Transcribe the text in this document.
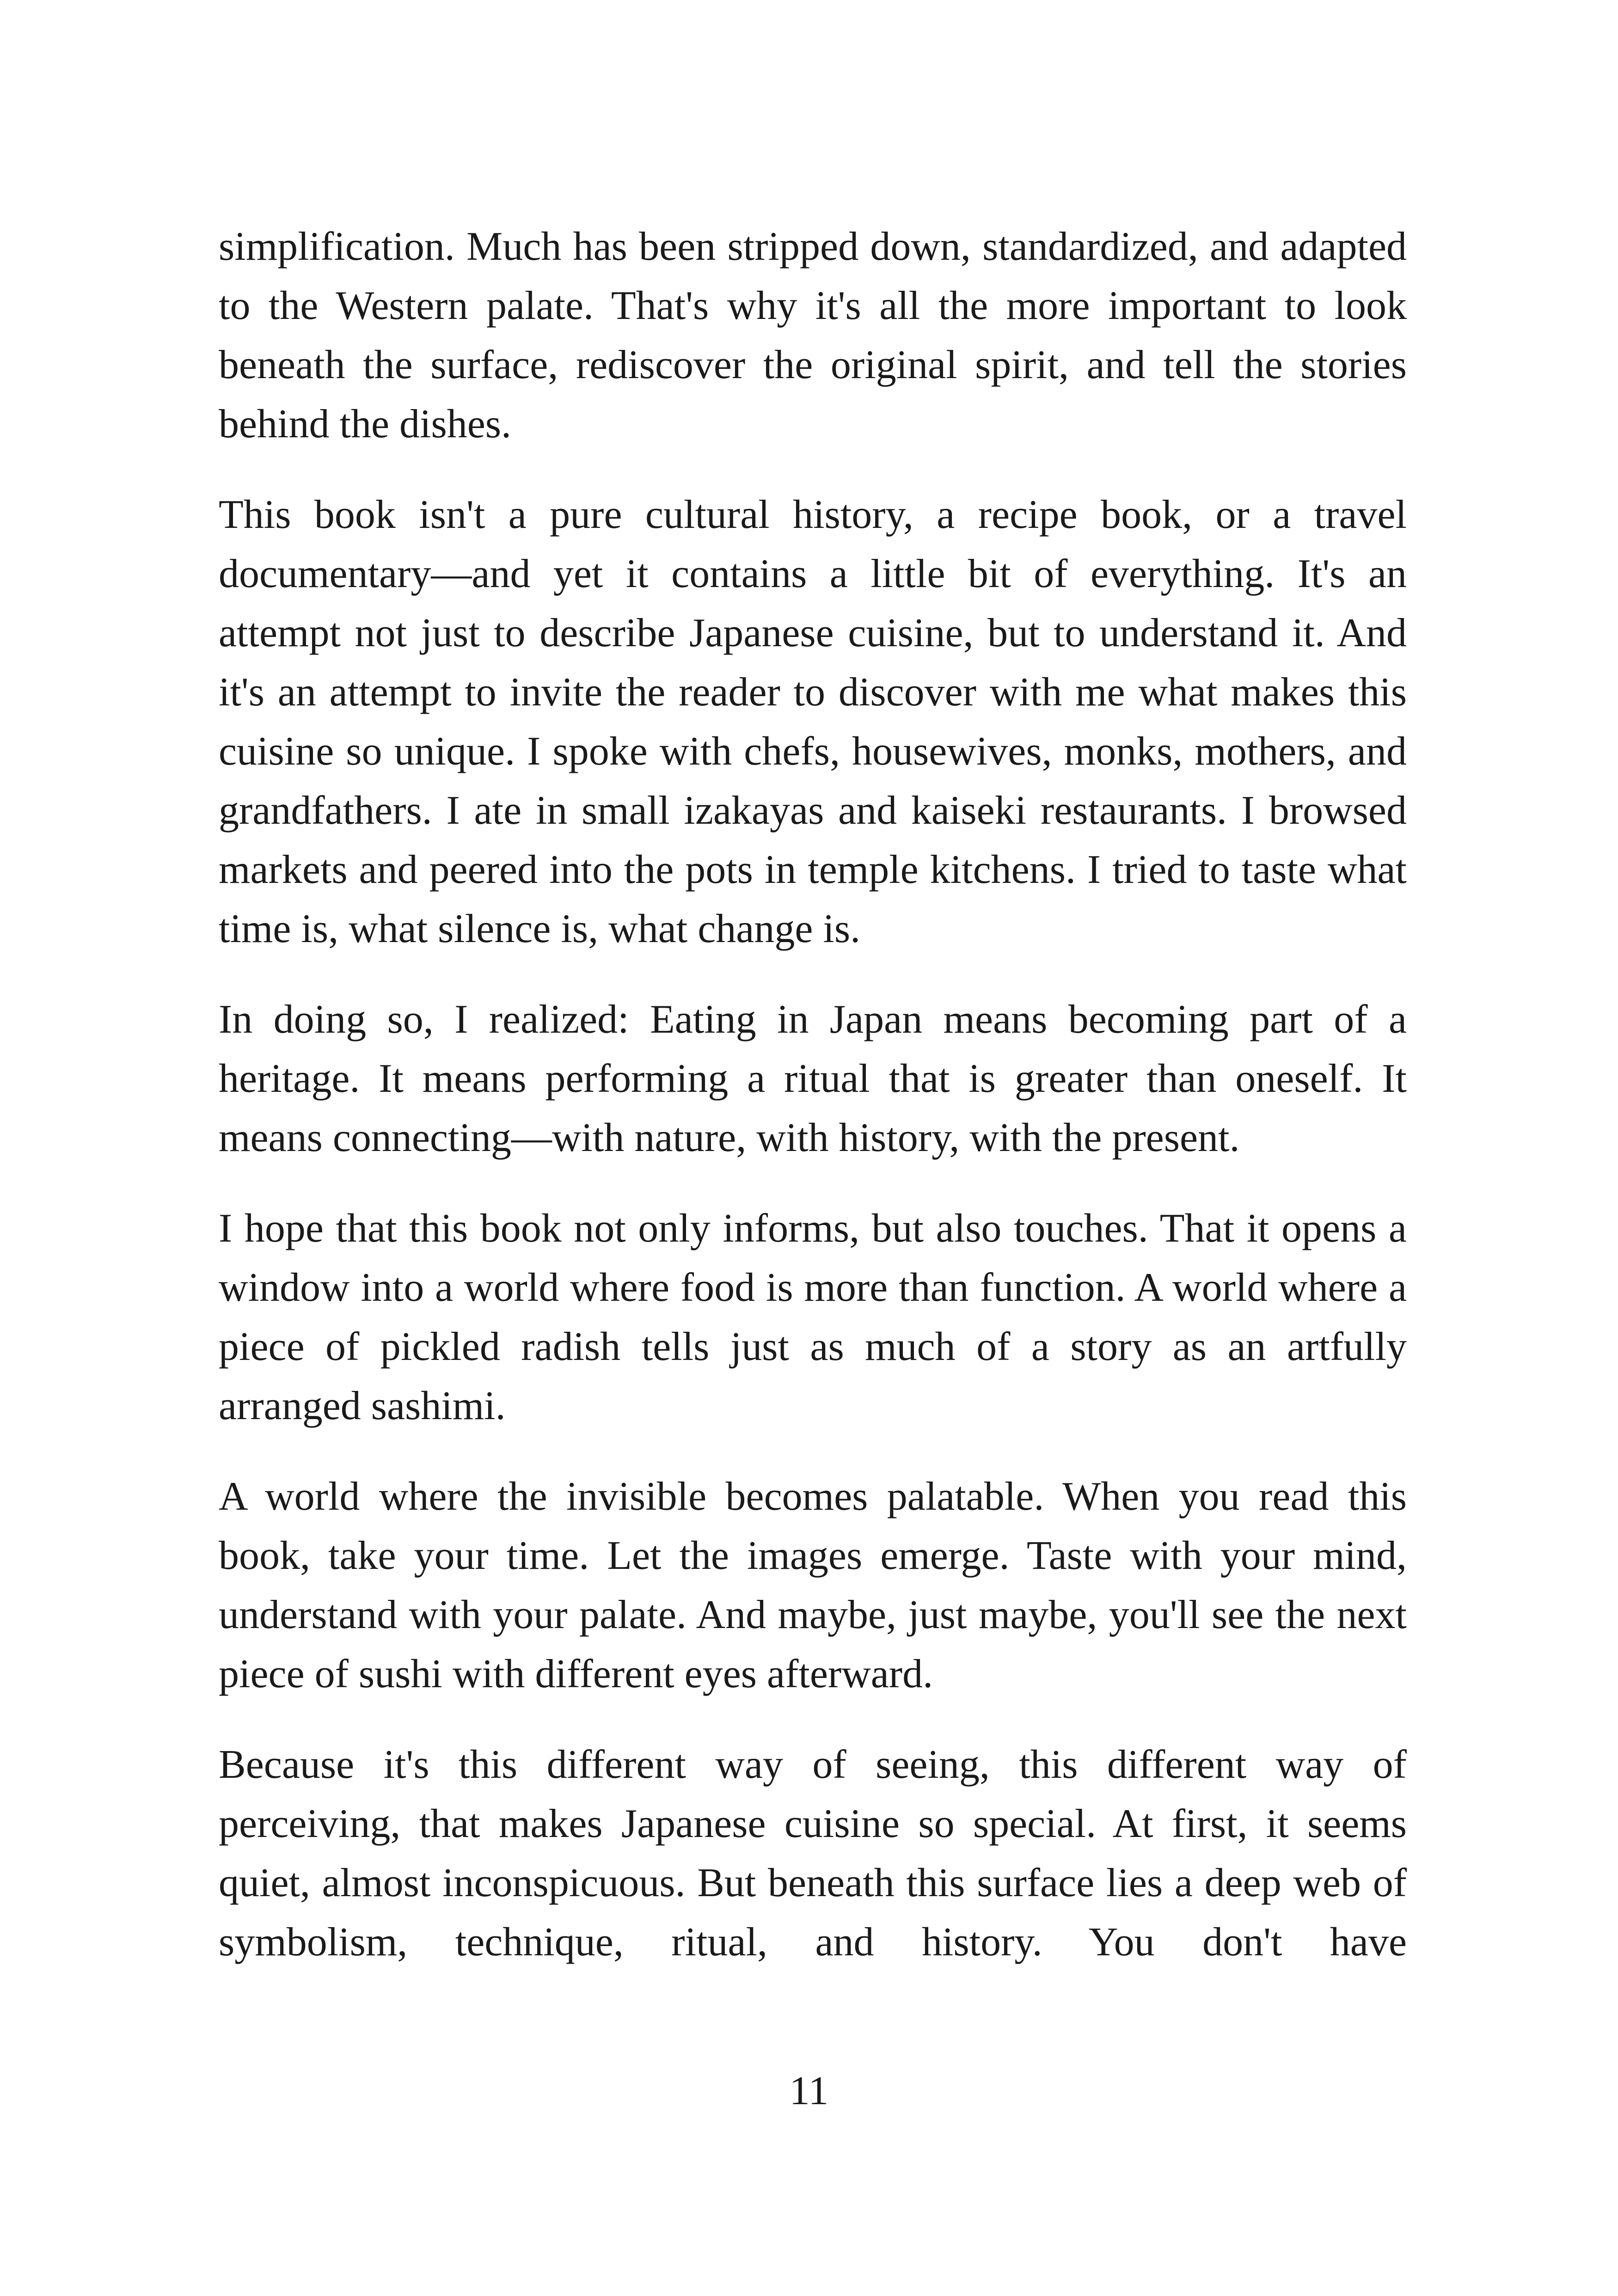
simplification. Much has been stripped down, standardized, and adapted to the Western palate. That's why it's all the more important to look beneath the surface, rediscover the original spirit, and tell the stories behind the dishes.

This book isn't a pure cultural history, a recipe book, or a travel documentary—and yet it contains a little bit of everything. It's an attempt not just to describe Japanese cuisine, but to understand it. And it's an attempt to invite the reader to discover with me what makes this cuisine so unique. I spoke with chefs, housewives, monks, mothers, and grandfathers. I ate in small izakayas and kaiseki restaurants. I browsed markets and peered into the pots in temple kitchens. I tried to taste what time is, what silence is, what change is.

In doing so, I realized: Eating in Japan means becoming part of a heritage. It means performing a ritual that is greater than oneself. It means connecting—with nature, with history, with the present.

I hope that this book not only informs, but also touches. That it opens a window into a world where food is more than function. A world where a piece of pickled radish tells just as much of a story as an artfully arranged sashimi.

A world where the invisible becomes palatable. When you read this book, take your time. Let the images emerge. Taste with your mind, understand with your palate. And maybe, just maybe, you'll see the next piece of sushi with different eyes afterward.

Because it's this different way of seeing, this different way of perceiving, that makes Japanese cuisine so special. At first, it seems quiet, almost inconspicuous. But beneath this surface lies a deep web of symbolism, technique, ritual, and history. You don't have

11
